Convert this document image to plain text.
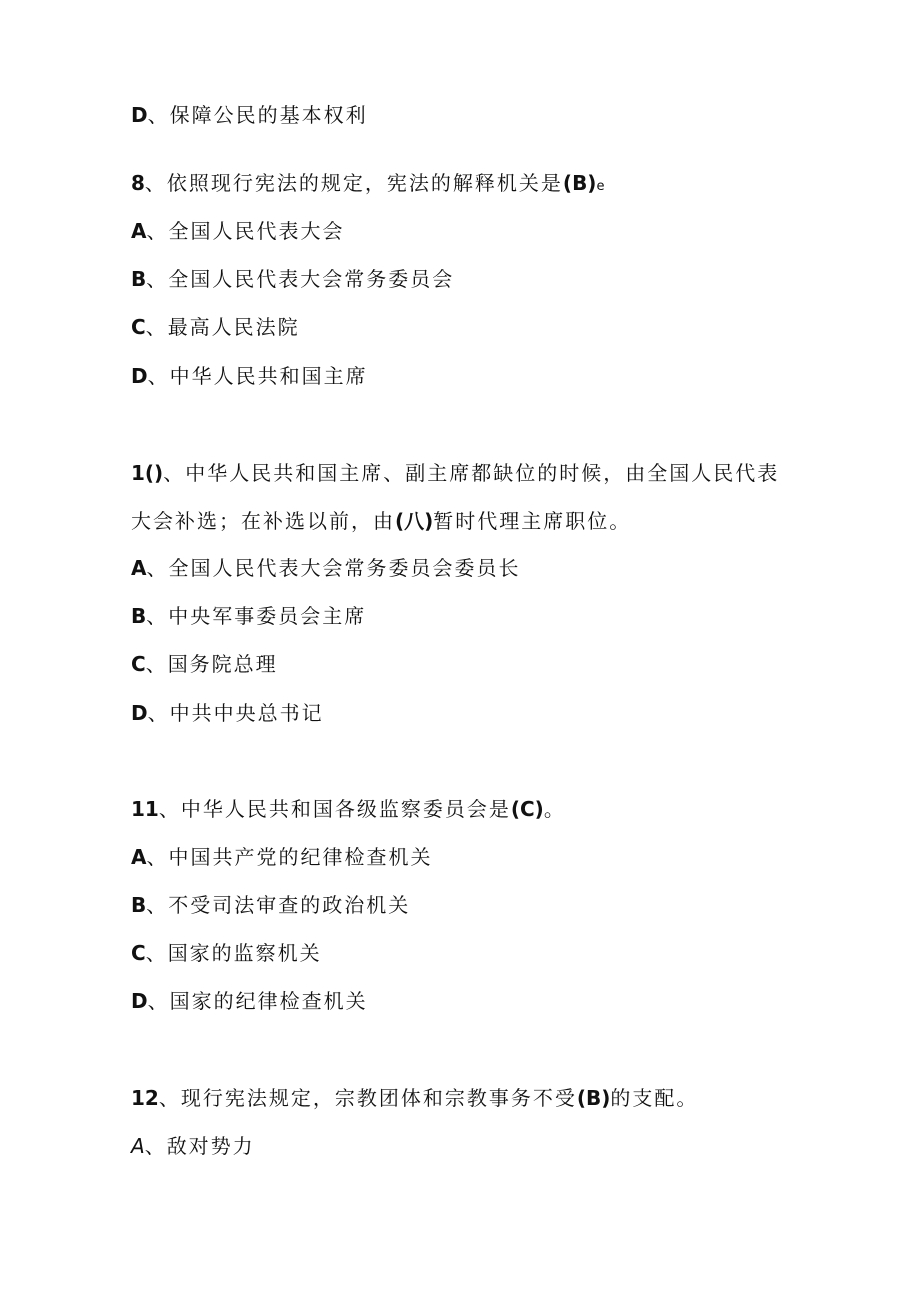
D、保障公民的基本权利
8、依照现行宪法的规定，宪法的解释机关是(B)e
A、全国人民代表大会
B、全国人民代表大会常务委员会
C、最高人民法院
D、中华人民共和国主席
1()、中华人民共和国主席、副主席都缺位的时候，由全国人民代表大会补选；在补选以前，由(八)暂时代理主席职位。
A、全国人民代表大会常务委员会委员长
B、中央军事委员会主席
C、国务院总理
D、中共中央总书记
11、中华人民共和国各级监察委员会是(C)。
A、中国共产党的纪律检查机关
B、不受司法审查的政治机关
C、国家的监察机关
D、国家的纪律检查机关
12、现行宪法规定，宗教团体和宗教事务不受(B)的支配。
A、敌对势力
